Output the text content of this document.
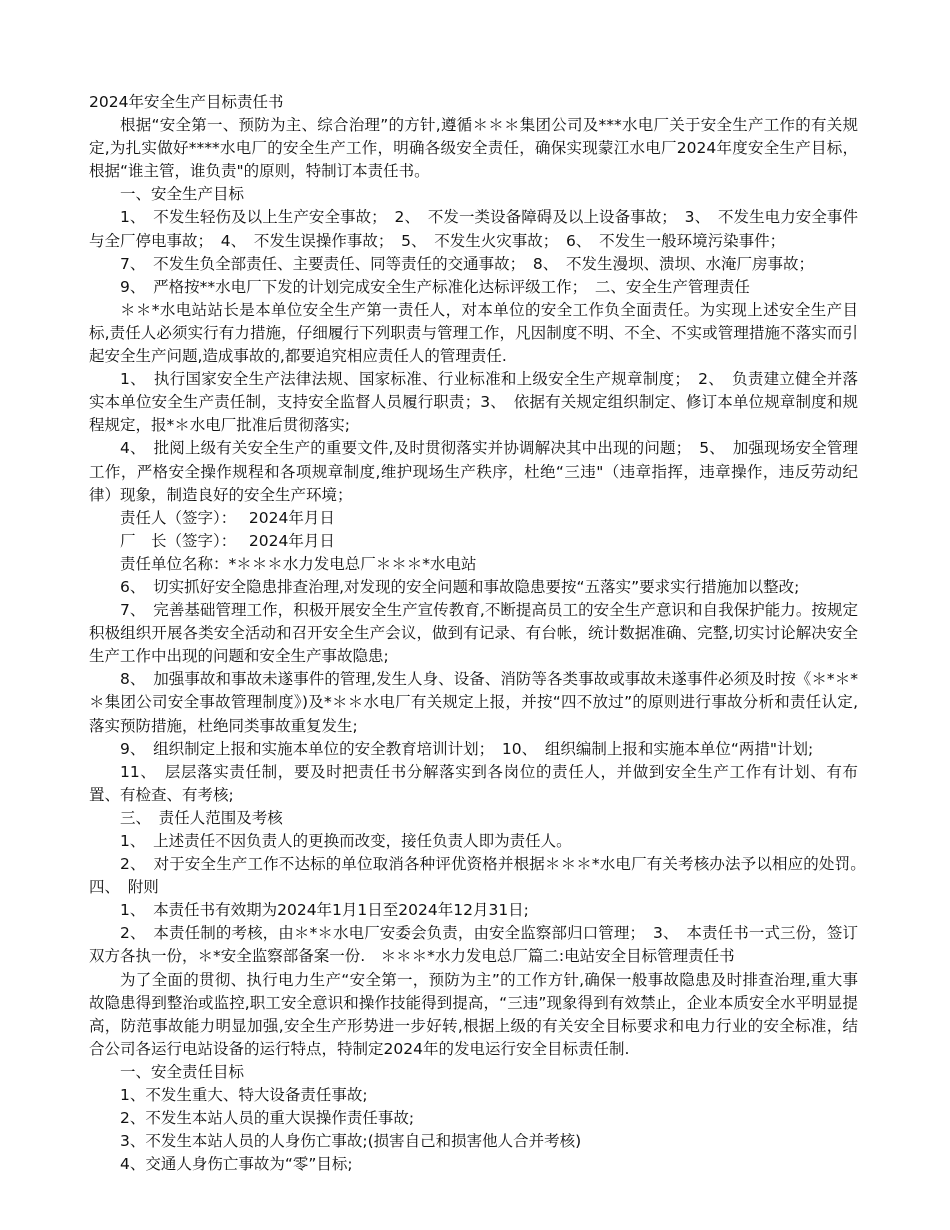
2024年安全生产目标责任书

根据“安全第一、预防为主、综合治理”的方针,遵循＊＊＊集团公司及***水电厂关于安全生产工作的有关规定,为扎实做好****水电厂的安全生产工作，明确各级安全责任，确保实现蒙江水电厂2024年度安全生产目标，根据“谁主管，谁负责"的原则，特制订本责任书。

一、安全生产目标

1、　不发生轻伤及以上生产安全事故；　2、　不发一类设备障碍及以上设备事故；　3、　不发生电力安全事件与全厂停电事故；　4、　不发生误操作事故；　5、　不发生火灾事故；　6、　不发生一般环境污染事件；

7、　不发生负全部责任、主要责任、同等责任的交通事故；　8、　不发生漫坝、溃坝、水淹厂房事故；

9、　严格按**水电厂下发的计划完成安全生产标准化达标评级工作；　二、安全生产管理责任

＊＊*水电站站长是本单位安全生产第一责任人，对本单位的安全工作负全面责任。为实现上述安全生产目标,责任人必须实行有力措施，仔细履行下列职责与管理工作，凡因制度不明、不全、不实或管理措施不落实而引起安全生产问题,造成事故的,都要追究相应责任人的管理责任.

1、　执行国家安全生产法律法规、国家标准、行业标准和上级安全生产规章制度；　2、　负责建立健全并落实本单位安全生产责任制，支持安全监督人员履行职责；3、　依据有关规定组织制定、修订本单位规章制度和规程规定，报*＊水电厂批准后贯彻落实;

4、　批阅上级有关安全生产的重要文件,及时贯彻落实并协调解决其中出现的问题；　5、　加强现场安全管理工作，严格安全操作规程和各项规章制度,维护现场生产秩序，杜绝“三违"（违章指挥，违章操作，违反劳动纪律）现象，制造良好的安全生产环境；

责任人（签字）：　 2024年月日

厂　长（签字）：　 2024年月日

责任单位名称：*＊＊＊水力发电总厂＊＊＊*水电站

6、　切实抓好安全隐患排查治理,对发现的安全问题和事故隐患要按“五落实”要求实行措施加以整改;

7、　完善基础管理工作，积极开展安全生产宣传教育,不断提高员工的安全生产意识和自我保护能力。按规定积极组织开展各类安全活动和召开安全生产会议，做到有记录、有台帐，统计数据准确、完整,切实讨论解决安全生产工作中出现的问题和安全生产事故隐患;

8、　加强事故和事故未遂事件的管理,发生人身、设备、消防等各类事故或事故未遂事件必须及时按《＊*＊*＊集团公司安全事故管理制度》)及*＊＊水电厂有关规定上报，并按“四不放过”的原则进行事故分析和责任认定,落实预防措施，杜绝同类事故重复发生;

9、　组织制定上报和实施本单位的安全教育培训计划；　10、　组织编制上报和实施本单位“两措"计划;

11、　层层落实责任制，要及时把责任书分解落实到各岗位的责任人，并做到安全生产工作有计划、有布置、有检查、有考核;

三、　责任人范围及考核

1、　上述责任不因负责人的更换而改变，接任负责人即为责任人。

2、　对于安全生产工作不达标的单位取消各种评优资格并根据＊＊＊*水电厂有关考核办法予以相应的处罚。　四、　附则

1、　本责任书有效期为2024年1月1日至2024年12月31日;

2、　本责任制的考核，由＊*＊水电厂安委会负责，由安全监察部归口管理；　3、　本责任书一式三份，签订双方各执一份，＊*安全监察部备案一份.　＊＊＊*水力发电总厂篇二:电站安全目标管理责任书

为了全面的贯彻、执行电力生产“安全第一，预防为主”的工作方针,确保一般事故隐患及时排查治理,重大事故隐患得到整治或监控,职工安全意识和操作技能得到提高，“三违”现象得到有效禁止，企业本质安全水平明显提高，防范事故能力明显加强,安全生产形势进一步好转,根据上级的有关安全目标要求和电力行业的安全标准，结合公司各运行电站设备的运行特点，特制定2024年的发电运行安全目标责任制.

一、安全责任目标

1、不发生重大、特大设备责任事故;

2、不发生本站人员的重大误操作责任事故;

3、不发生本站人员的人身伤亡事故;(损害自己和损害他人合并考核)

4、交通人身伤亡事故为“零”目标;
